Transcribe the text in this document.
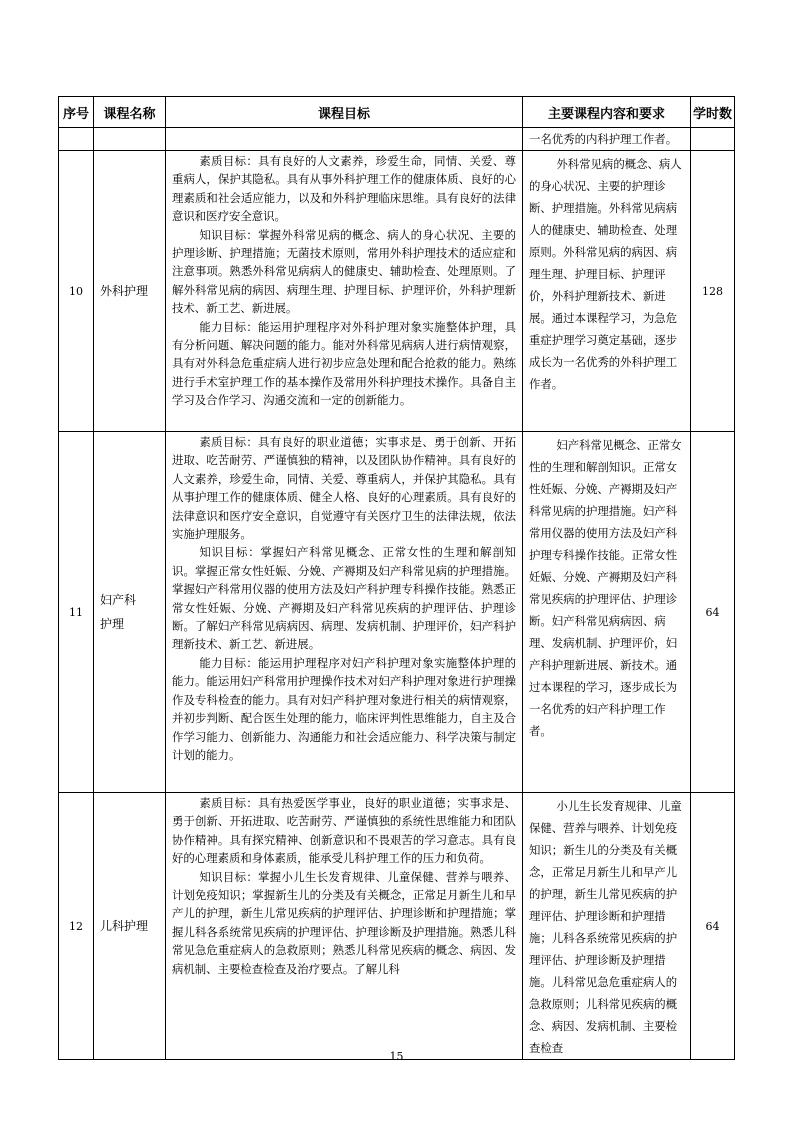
序号	课程名称	课程目标	主要课程内容和要求	学时数

			一名优秀的内科护理工作者。	

10	外科护理	素质目标：具有良好的人文素养，珍爱生命，同情、关爱、尊重病人，保护其隐私。具有从事外科护理工作的健康体质、良好的心理素质和社会适应能力，以及和外科护理临床思维。具有良好的法律意识和医疗安全意识。

知识目标：掌握外科常见病的概念、病人的身心状况、主要的护理诊断、护理措施；无菌技术原则，常用外科护理技术的适应症和注意事项。熟悉外科常见病病人的健康史、辅助检查、处理原则。了解外科常见病的病因、病理生理、护理目标、护理评价，外科护理新技术、新工艺、新进展。

能力目标：能运用护理程序对外科护理对象实施整体护理，具有分析问题、解决问题的能力。能对外科常见病病人进行病情观察，具有对外科急危重症病人进行初步应急处理和配合抢救的能力。熟练进行手术室护理工作的基本操作及常用外科护理技术操作。具备自主学习及合作学习、沟通交流和一定的创新能力。	外科常见病的概念、病人的身心状况、主要的护理诊断、护理措施。外科常见病病人的健康史、辅助检查、处理原则。外科常见病的病因、病理生理、护理目标、护理评价，外科护理新技术、新进展。通过本课程学习，为急危重症护理学习奠定基础，逐步成长为一名优秀的外科护理工作者。	128
11	妇产科护理	素质目标：具有良好的职业道德；实事求是、勇于创新、开拓进取、吃苦耐劳、严谨慎独的精神，以及团队协作精神。具有良好的人文素养，珍爱生命，同情、关爱、尊重病人，并保护其隐私。具有从事护理工作的健康体质、健全人格、良好的心理素质。具有良好的法律意识和医疗安全意识，自觉遵守有关医疗卫生的法律法规，依法实施护理服务。

知识目标：掌握妇产科常见概念、正常女性的生理和解剖知识。掌握正常女性妊娠、分娩、产褥期及妇产科常见病的护理措施。掌握妇产科常用仪器的使用方法及妇产科护理专科操作技能。熟悉正常女性妊娠、分娩、产褥期及妇产科常见疾病的护理评估、护理诊断。了解妇产科常见病病因、病理、发病机制、护理评价，妇产科护理新技术、新工艺、新进展。

能力目标：能运用护理程序对妇产科护理对象实施整体护理的能力。能运用妇产科常用护理操作技术对妇产科护理对象进行护理操作及专科检查的能力。具有对妇产科护理对象进行相关的病情观察，并初步判断、配合医生处理的能力，临床评判性思维能力，自主及合作学习能力、创新能力、沟通能力和社会适应能力、科学决策与制定计划的能力。	妇产科常见概念、正常女性的生理和解剖知识。正常女性妊娠、分娩、产褥期及妇产科常见病的护理措施。妇产科常用仪器的使用方法及妇产科护理专科操作技能。正常女性妊娠、分娩、产褥期及妇产科常见疾病的护理评估、护理诊断。妇产科常见病病因、病理、发病机制、护理评价，妇产科护理新进展、新技术。通过本课程的学习，逐步成长为一名优秀的妇产科护理工作者。	64
12	儿科护理	素质目标：具有热爱医学事业，良好的职业道德；实事求是、勇于创新、开拓进取、吃苦耐劳、严谨慎独的系统性思维能力和团队协作精神。具有探究精神、创新意识和不畏艰苦的学习意志。具有良好的心理素质和身体素质，能承受儿科护理工作的压力和负荷。

知识目标：掌握小儿生长发育规律、儿童保健、营养与喂养、计划免疫知识；掌握新生儿的分类及有关概念，正常足月新生儿和早产儿的护理，新生儿常见疾病的护理评估、护理诊断和护理措施；掌握儿科各系统常见疾病的护理评估、护理诊断及护理措施。熟悉儿科常见急危重症病人的急救原则；熟悉儿科常见疾病的概念、病因、发病机制、主要检查检查及治疗要点。了解儿科	小儿生长发育规律、儿童保健、营养与喂养、计划免疫知识；新生儿的分类及有关概念，正常足月新生儿和早产儿的护理，新生儿常见疾病的护理评估、护理诊断和护理措施；儿科各系统常见疾病的护理评估、护理诊断及护理措施。儿科常见急危重症病人的急救原则；儿科常见疾病的概念、病因、发病机制、主要检查检查	64
15
